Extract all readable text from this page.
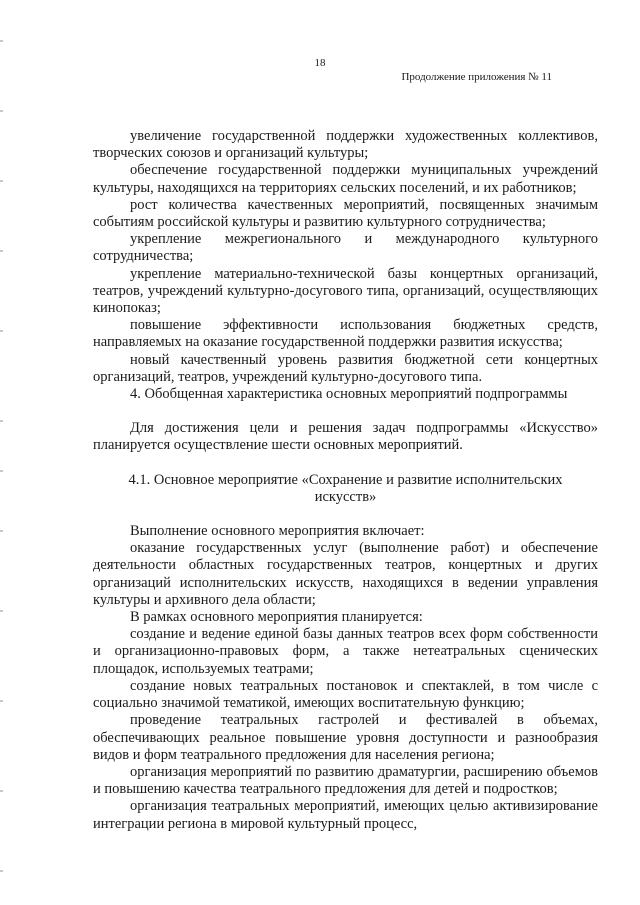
18
Продолжение приложения № 11

увеличение государственной поддержки художественных коллективов, творческих союзов и организаций культуры;

обеспечение государственной поддержки муниципальных учреждений культуры, находящихся на территориях сельских поселений, и их работников;

рост количества качественных мероприятий, посвященных значимым событиям российской культуры и развитию культурного сотрудничества;

укрепление межрегионального и международного культурного сотрудничества;

укрепление материально-технической базы концертных организаций, театров, учреждений культурно-досугового типа, организаций, осуществляющих кинопоказ;

повышение эффективности использования бюджетных средств, направляемых на оказание государственной поддержки развития искусства;

новый качественный уровень развития бюджетной сети концертных организаций, театров, учреждений культурно-досугового типа.

4. Обобщенная характеристика основных мероприятий подпрограммы

Для достижения цели и решения задач подпрограммы «Искусство» планируется осуществление шести основных мероприятий.

4.1. Основное мероприятие «Сохранение и развитие исполнительских искусств»

Выполнение основного мероприятия включает:

оказание государственных услуг (выполнение работ) и обеспечение деятельности областных государственных театров, концертных и других организаций исполнительских искусств, находящихся в ведении управления культуры и архивного дела области;

В рамках основного мероприятия планируется:

создание и ведение единой базы данных театров всех форм собственности и организационно-правовых форм, а также нетеатральных сценических площадок, используемых театрами;

создание новых театральных постановок и спектаклей, в том числе с социально значимой тематикой, имеющих воспитательную функцию;

проведение театральных гастролей и фестивалей в объемах, обеспечивающих реальное повышение уровня доступности и разнообразия видов и форм театрального предложения для населения региона;

организация мероприятий по развитию драматургии, расширению объемов и повышению качества театрального предложения для детей и подростков;

организация театральных мероприятий, имеющих целью активизирование интеграции региона в мировой культурный процесс,
